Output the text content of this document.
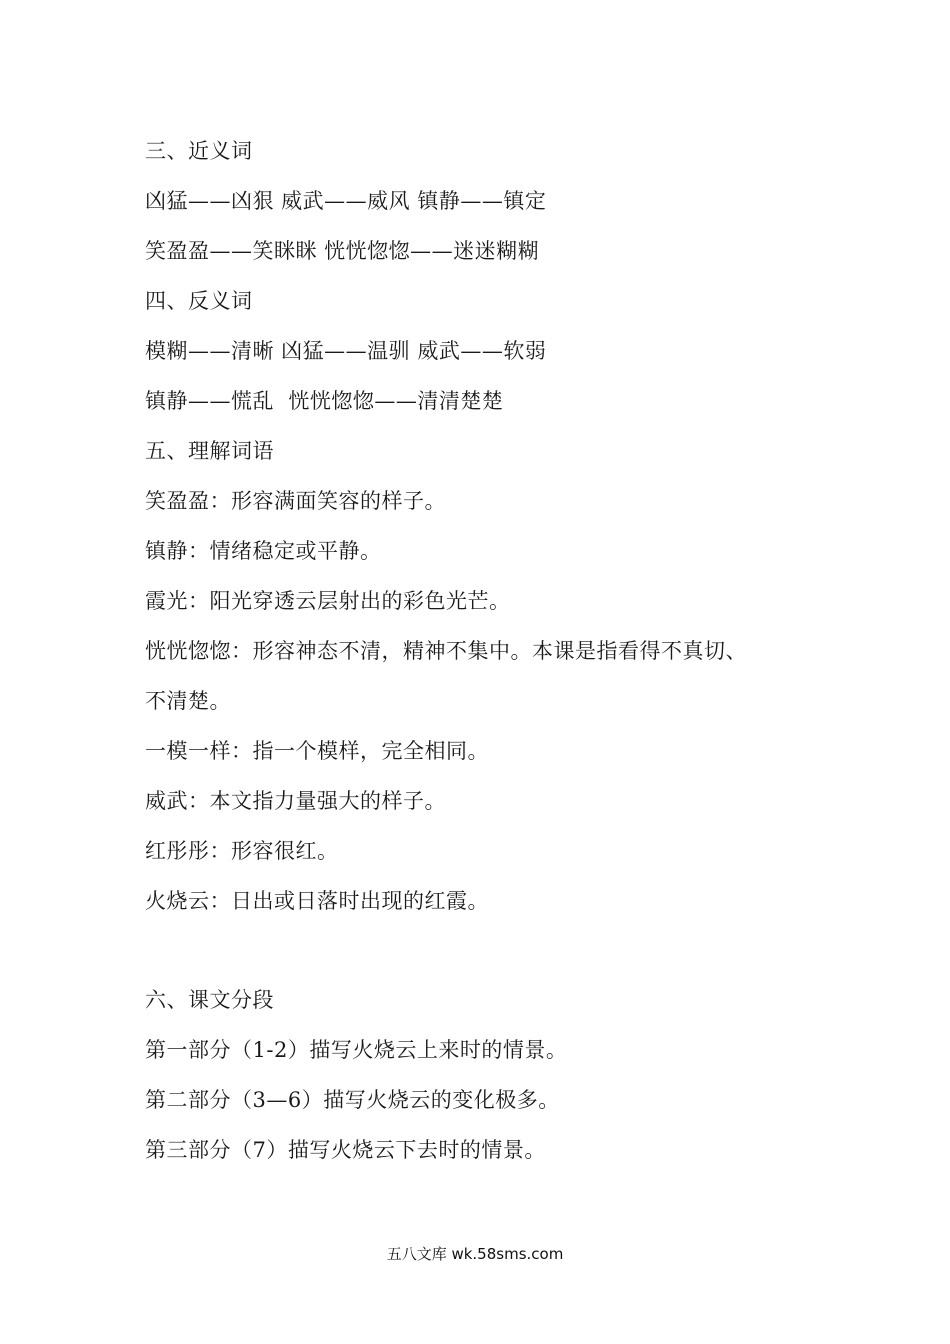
三、近义词
凶猛——凶狠 威武——威风 镇静——镇定
笑盈盈——笑眯眯 恍恍惚惚——迷迷糊糊
四、反义词
模糊——清晰 凶猛——温驯 威武——软弱
镇静——慌乱  恍恍惚惚——清清楚楚
五、理解词语
笑盈盈：形容满面笑容的样子。
镇静：情绪稳定或平静。
霞光：阳光穿透云层射出的彩色光芒。
恍恍惚惚：形容神态不清，精神不集中。本课是指看得不真切、
不清楚。
一模一样：指一个模样，完全相同。
威武：本文指力量强大的样子。
红彤彤：形容很红。
火烧云：日出或日落时出现的红霞。
六、课文分段
第一部分（1-2）描写火烧云上来时的情景。
第二部分（3—6）描写火烧云的变化极多。
第三部分（7）描写火烧云下去时的情景。
五八文库 wk.58sms.com
